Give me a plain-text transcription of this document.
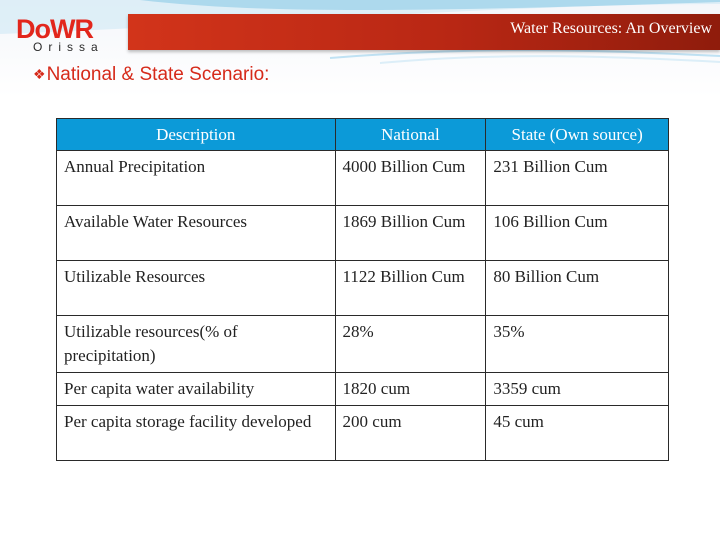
Water Resources: An Overview
DoWR
Orissa
❖National & State Scenario:
Description	National	State (Own source)
Annual Precipitation	4000 Billion Cum	231 Billion Cum
Available Water Resources	1869 Billion Cum	106 Billion Cum
Utilizable Resources	1122 Billion Cum	80 Billion Cum
Utilizable resources(% of precipitation)	28%	35%
Per capita water availability	1820 cum	3359 cum
Per capita storage facility developed	200 cum	45 cum
